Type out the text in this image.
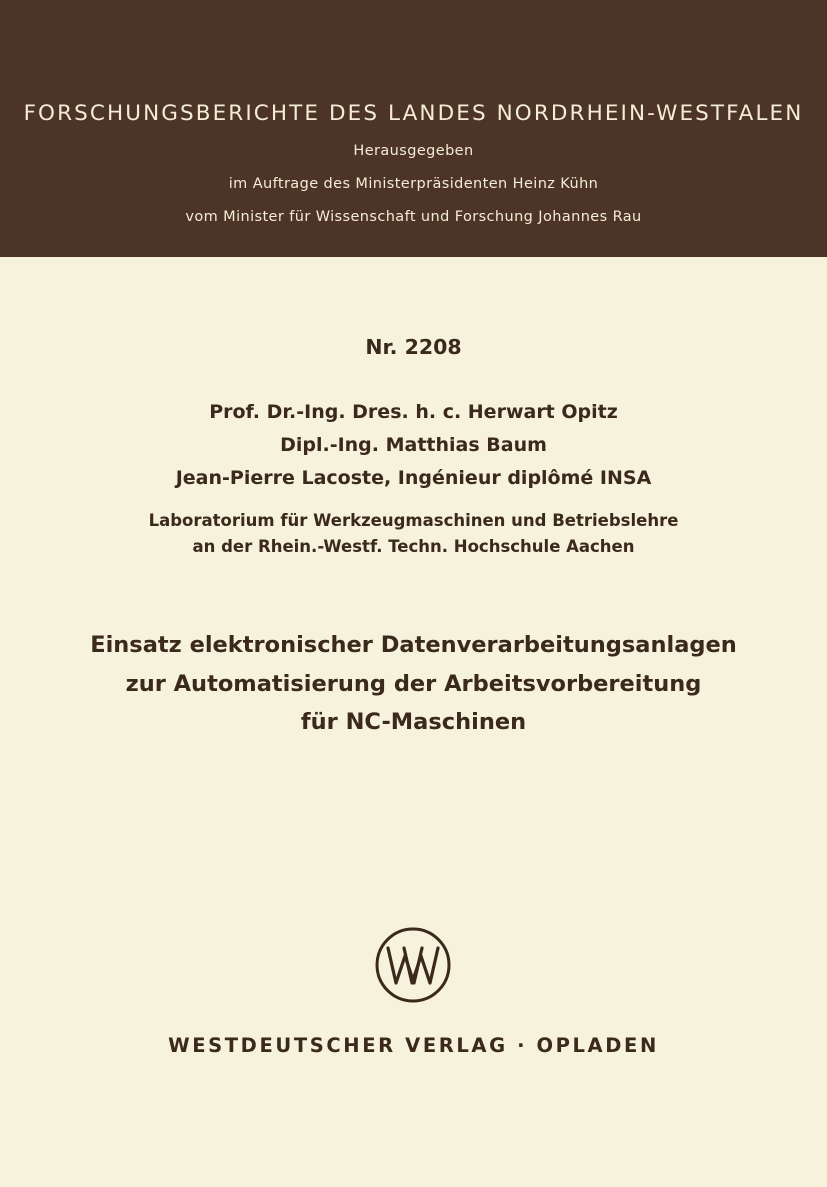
FORSCHUNGSBERICHTE DES LANDES NORDRHEIN-WESTFALEN
Herausgegeben
im Auftrage des Ministerpräsidenten Heinz Kühn
vom Minister für Wissenschaft und Forschung Johannes Rau
Nr. 2208
Prof. Dr.-Ing. Dres. h. c. Herwart Opitz
Dipl.-Ing. Matthias Baum
Jean-Pierre Lacoste, Ingénieur diplômé INSA
Laboratorium für Werkzeugmaschinen und Betriebslehre
an der Rhein.-Westf. Techn. Hochschule Aachen
Einsatz elektronischer Datenverarbeitungsanlagen
zur Automatisierung der Arbeitsvorbereitung
für NC-Maschinen
WESTDEUTSCHER VERLAG · OPLADEN
